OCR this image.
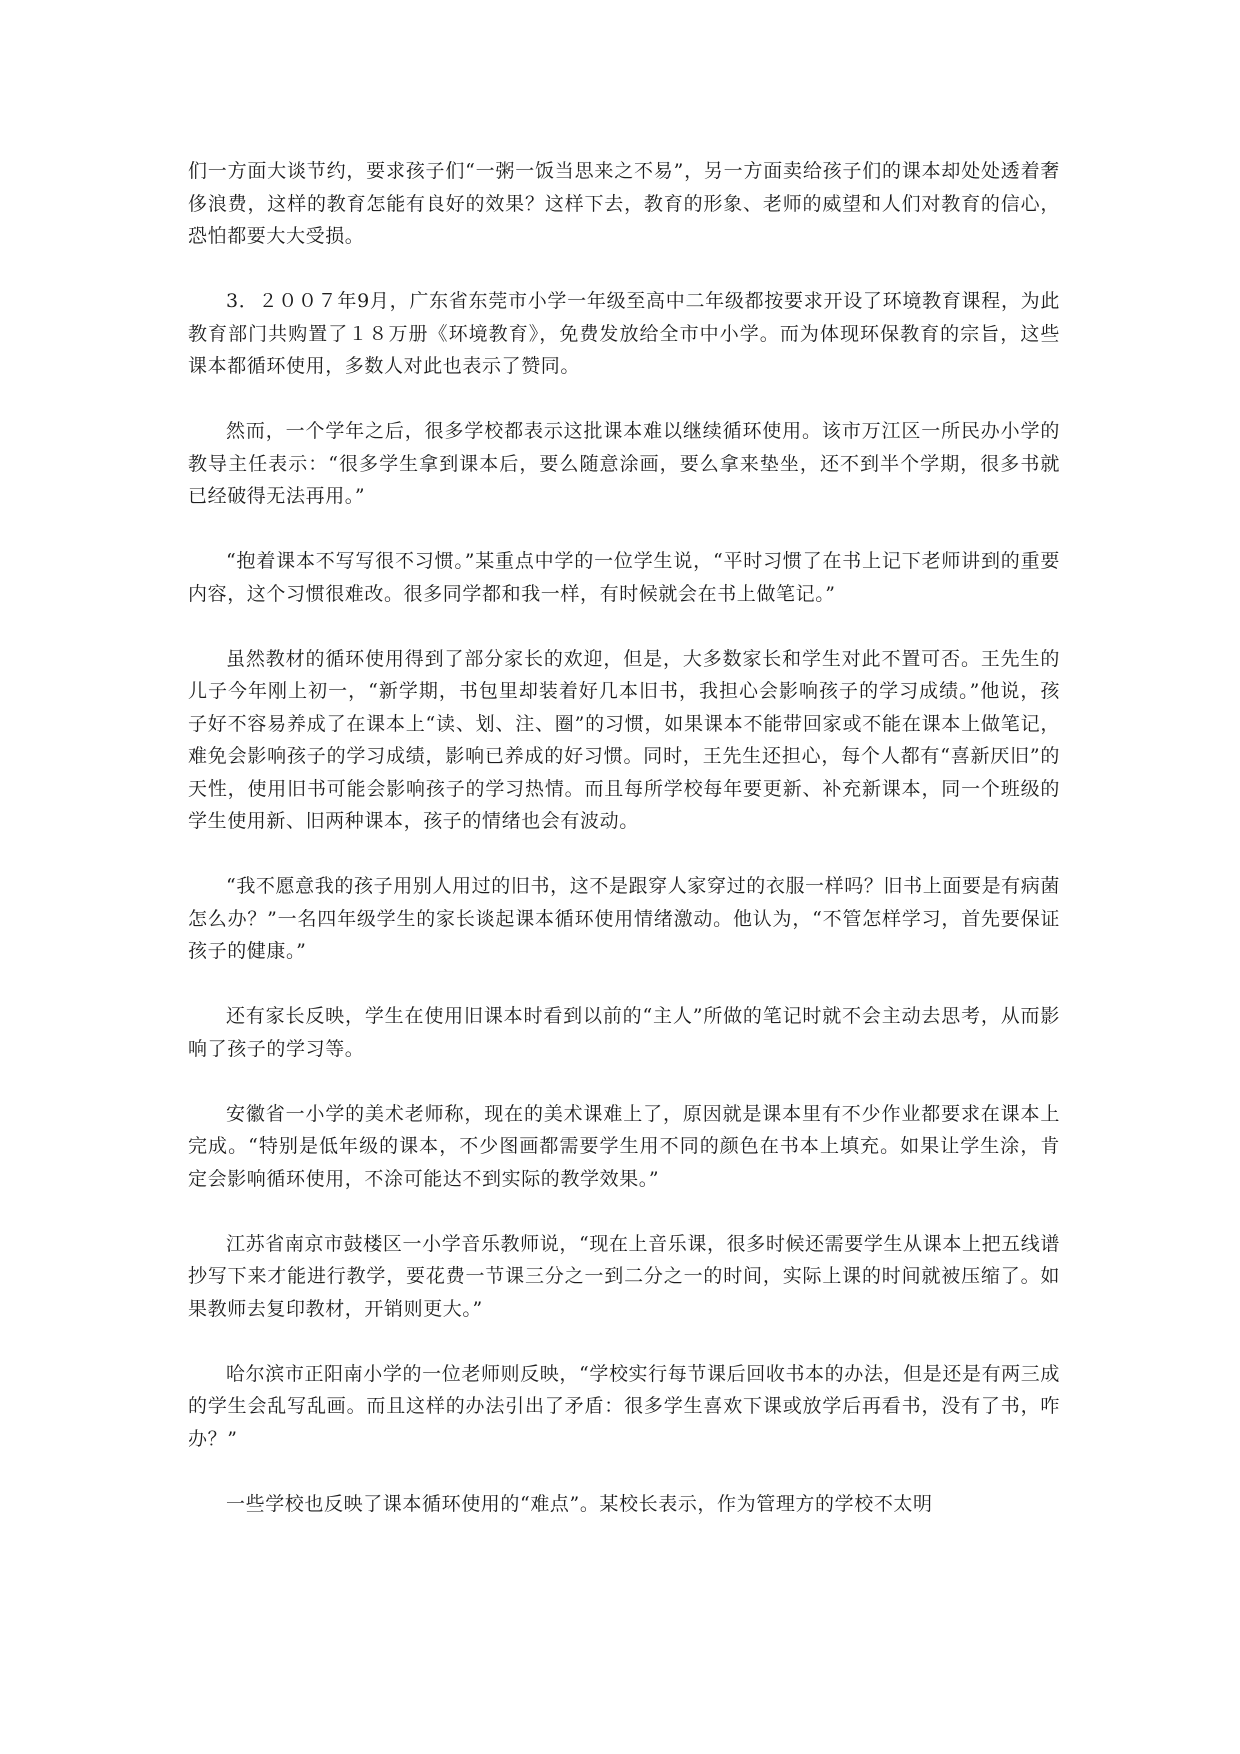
们一方面大谈节约，要求孩子们“一粥一饭当思来之不易”，另一方面卖给孩子们的课本却处处透着奢侈浪费，这样的教育怎能有良好的效果？这样下去，教育的形象、老师的威望和人们对教育的信心，恐怕都要大大受损。

3．２００７年9月，广东省东莞市小学一年级至高中二年级都按要求开设了环境教育课程，为此教育部门共购置了１８万册《环境教育》，免费发放给全市中小学。而为体现环保教育的宗旨，这些课本都循环使用，多数人对此也表示了赞同。

然而，一个学年之后，很多学校都表示这批课本难以继续循环使用。该市万江区一所民办小学的教导主任表示：“很多学生拿到课本后，要么随意涂画，要么拿来垫坐，还不到半个学期，很多书就已经破得无法再用。”

“抱着课本不写写很不习惯。”某重点中学的一位学生说，“平时习惯了在书上记下老师讲到的重要内容，这个习惯很难改。很多同学都和我一样，有时候就会在书上做笔记。”

虽然教材的循环使用得到了部分家长的欢迎，但是，大多数家长和学生对此不置可否。王先生的儿子今年刚上初一，“新学期，书包里却装着好几本旧书，我担心会影响孩子的学习成绩。”他说，孩子好不容易养成了在课本上“读、划、注、圈”的习惯，如果课本不能带回家或不能在课本上做笔记，难免会影响孩子的学习成绩，影响已养成的好习惯。同时，王先生还担心，每个人都有“喜新厌旧”的天性，使用旧书可能会影响孩子的学习热情。而且每所学校每年要更新、补充新课本，同一个班级的学生使用新、旧两种课本，孩子的情绪也会有波动。

“我不愿意我的孩子用别人用过的旧书，这不是跟穿人家穿过的衣服一样吗？旧书上面要是有病菌怎么办？”一名四年级学生的家长谈起课本循环使用情绪激动。他认为，“不管怎样学习，首先要保证孩子的健康。”

还有家长反映，学生在使用旧课本时看到以前的“主人”所做的笔记时就不会主动去思考，从而影响了孩子的学习等。

安徽省一小学的美术老师称，现在的美术课难上了，原因就是课本里有不少作业都要求在课本上完成。“特别是低年级的课本，不少图画都需要学生用不同的颜色在书本上填充。如果让学生涂，肯定会影响循环使用，不涂可能达不到实际的教学效果。”

江苏省南京市鼓楼区一小学音乐教师说，“现在上音乐课，很多时候还需要学生从课本上把五线谱抄写下来才能进行教学，要花费一节课三分之一到二分之一的时间，实际上课的时间就被压缩了。如果教师去复印教材，开销则更大。”

哈尔滨市正阳南小学的一位老师则反映，“学校实行每节课后回收书本的办法，但是还是有两三成的学生会乱写乱画。而且这样的办法引出了矛盾：很多学生喜欢下课或放学后再看书，没有了书，咋办？”

一些学校也反映了课本循环使用的“难点”。某校长表示，作为管理方的学校不太明
